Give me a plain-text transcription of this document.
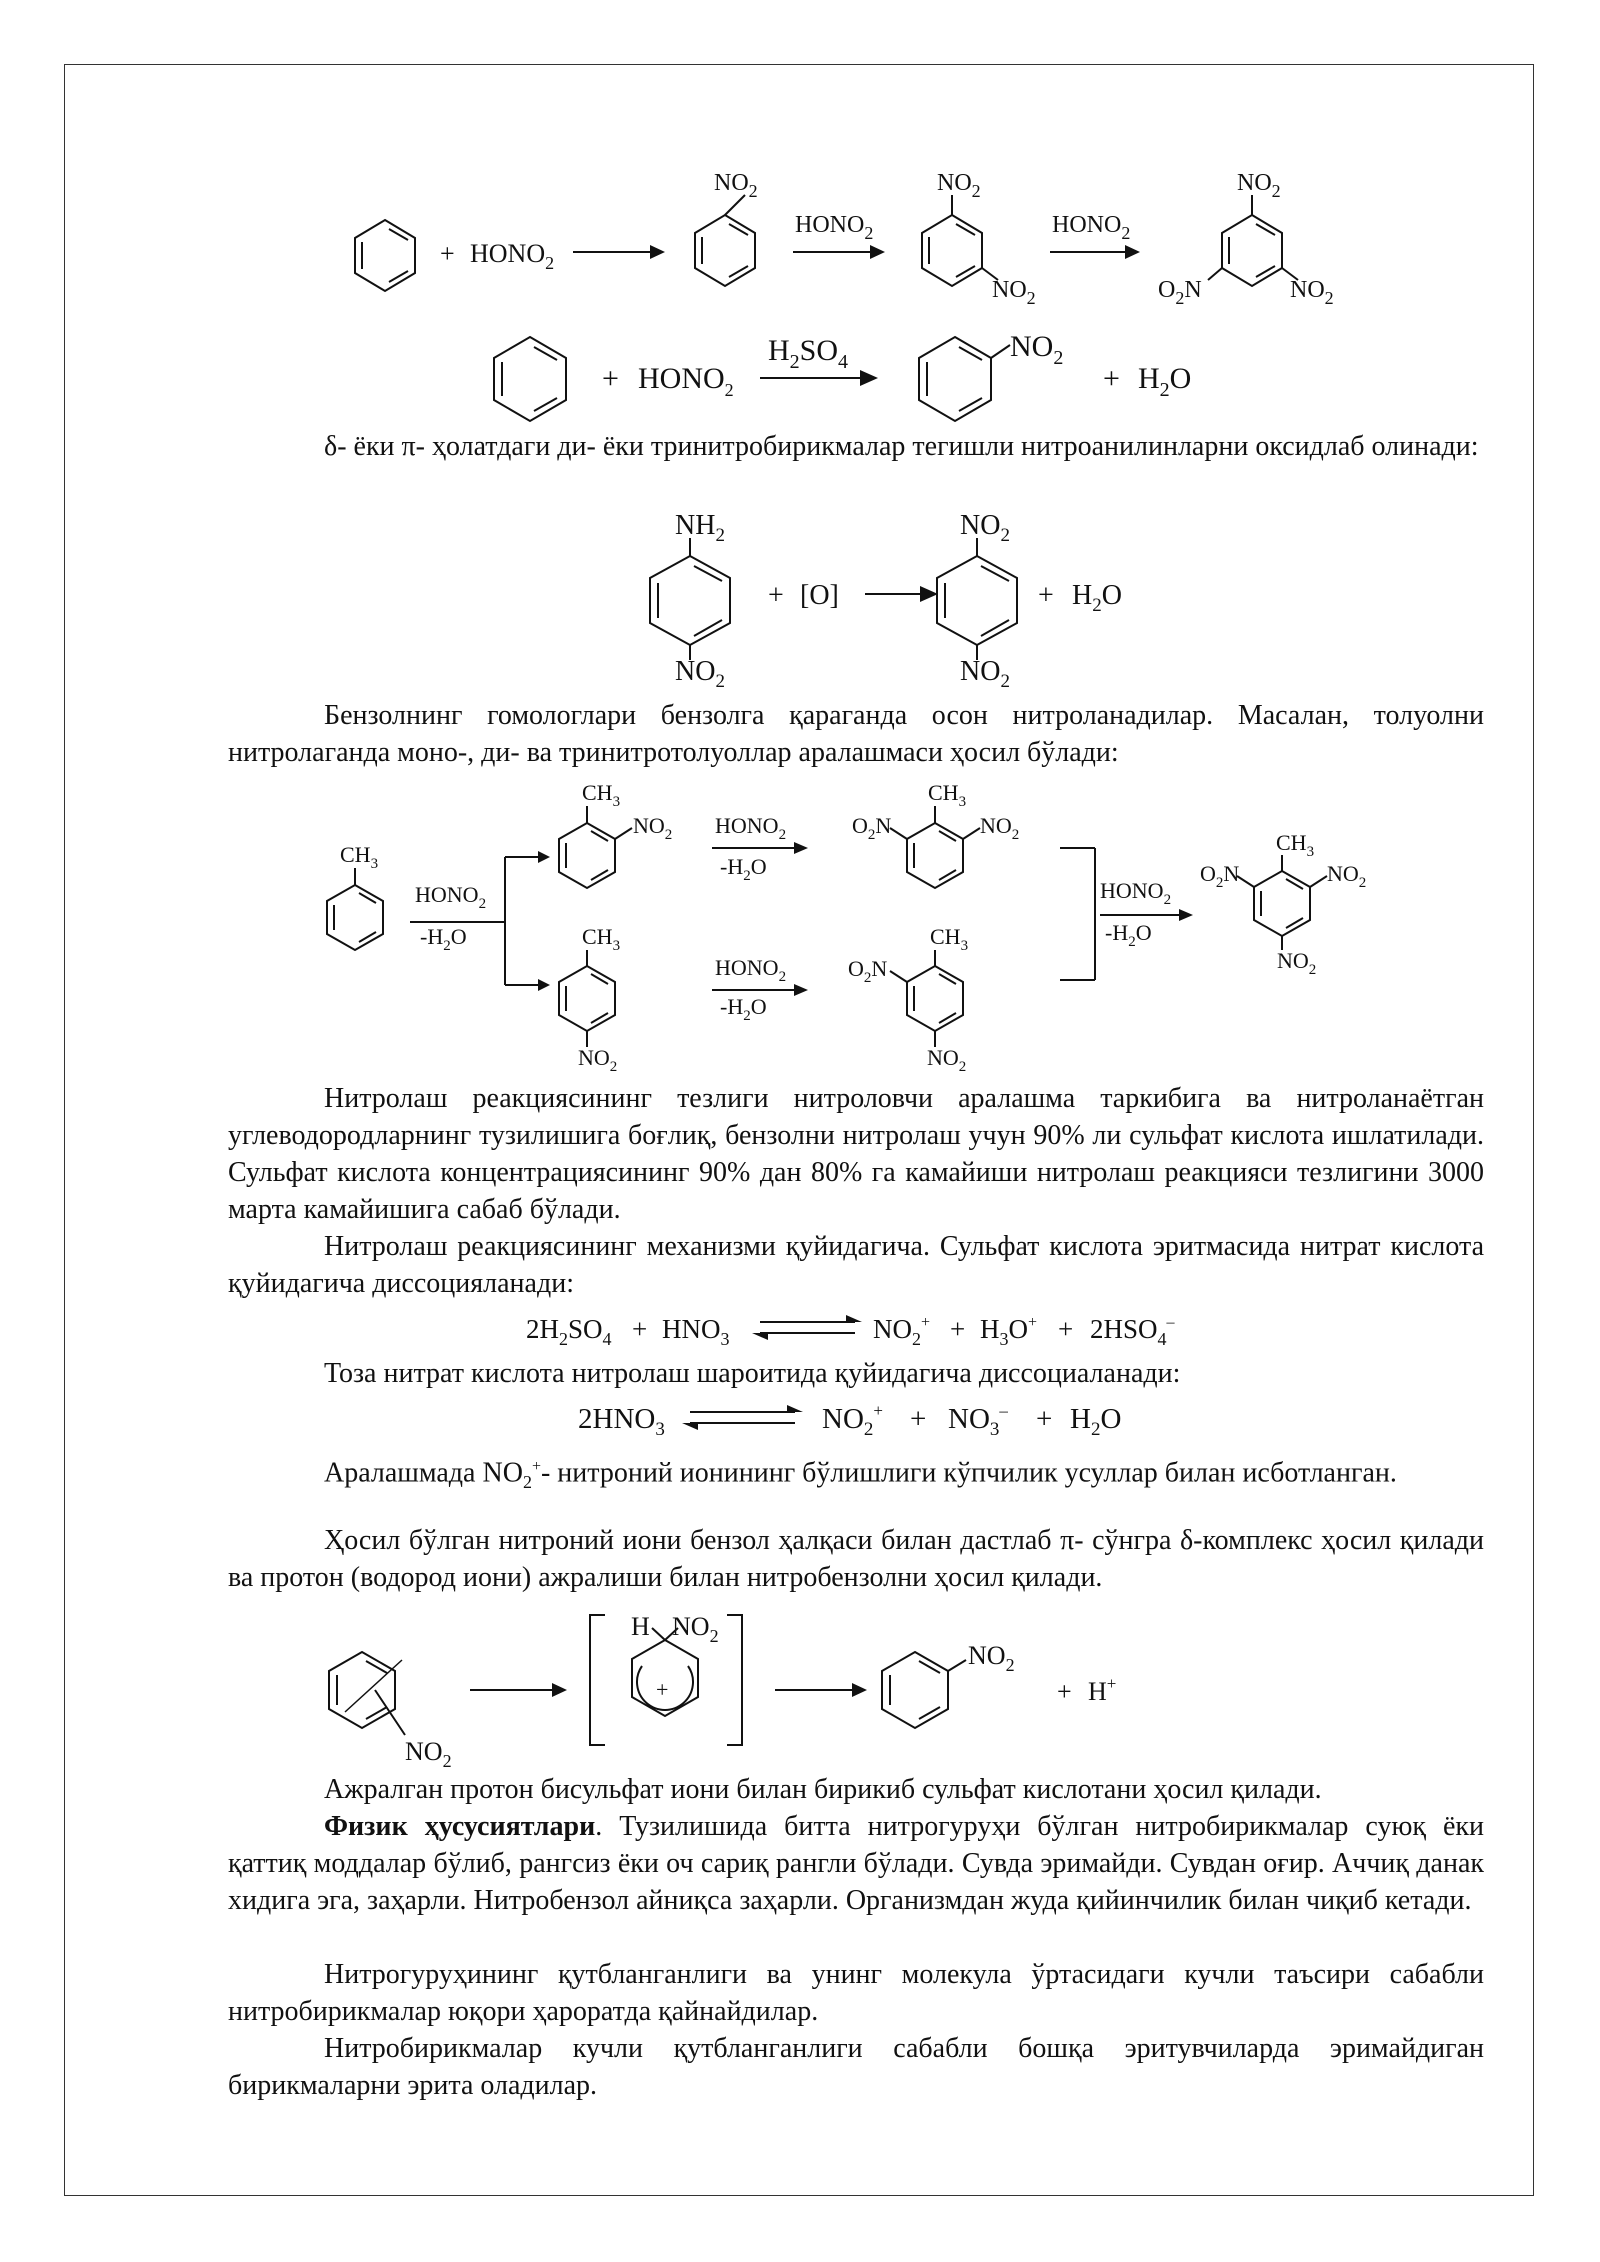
+ $HONO_2$
$NO_2$
$HONO_2$
$NO_2$
$NO_2$
$HONO_2$
$NO_2$
$NO_2$
$O_2N$
+ $HONO_2$
$H_2SO_4$	$NO_2$
+ $H_2O$

δ- ёки π- ҳолатдаги ди- ёки тринитробирикмалар тегишли нитроанилинларни оксидлаб олинади:

$NH_2$
$NO_2$
+ [O]
$NO_2$
$NO_2$
+ $H_2O$

Бензолнинг гомологлари бензолга қараганда осон нитроланадилар. Масалан, толуолни нитролаганда моно-, ди- ва тринитротолуоллар аралашмаси ҳосил бўлади:

$CH_3$
$HONO_2$
$-H_2O$
$CH_3$
$NO_2$
$CH_3$
$NO_2$
$HONO_2$
$-H_2O$
$HONO_2$
$-H_2O$
$CH_3$
$O_2N$	$NO_2$
$CH_3$
$O_2N$
$NO_2$
$HONO_2$
$-H_2O$
$CH_3$
$O_2N$	$NO_2$
$NO_2$

Нитролаш реакциясининг тезлиги нитроловчи аралашма таркибига ва нитроланаётган углеводородларнинг тузилишига боғлиқ, бензолни нитролаш учун 90% ли сульфат кислота ишлатилади. Сульфат кислота концентрациясининг 90% дан 80% га камайиши нитролаш реакцияси тезлигини 3000 марта камайишига сабаб бўлади.

Нитролаш реакциясининг механизми қуйидагича. Сульфат кислота эритмасида нитрат кислота қуйидагича диссоцияланади:

$2H_2SO_4 + HNO_3$	$NO_2^+ + H_3O^+ + 2HSO_4^-$

Тоза нитрат кислота нитролаш шароитида қуйидагича диссоциаланади:

$2HNO_3$	$NO_2^+ + NO_3^- + H_2O$

Аралашмада $NO_2^+-$ нитроний ионининг бўлишлиги кўпчилик усуллар билан исботланган.

Ҳосил бўлган нитроний иони бензол ҳалқаси билан дастлаб π- сўнгра δ-комплекс ҳосил қилади ва протон (водород иони) ажралиши билан нитробензолни ҳосил қилади.

$NO_2$
H $NO_2$
+
$NO_2$
+ H+

Ажралган протон бисульфат иони билан бирикиб сульфат кислотани ҳосил қилади.

Физик ҳусусиятлари. Тузилишида битта нитрогуруҳи бўлган нитробирикмалар суюқ ёки қаттиқ моддалар бўлиб, рангсиз ёки оч сариқ рангли бўлади. Сувда эримайди. Сувдан оғир. Аччиқ данак хидига эга, заҳарли. Нитробензол айниқса заҳарли. Организмдан жуда қийинчилик билан чиқиб кетади.

Нитрогуруҳининг қутбланганлиги ва унинг молекула ўртасидаги кучли таъсири сабабли нитробирикмалар юқори ҳароратда қайнайдилар.

Нитробирикмалар кучли қутбланганлиги сабабли бошқа эритувчиларда эримайдиган бирикмаларни эрита оладилар.
